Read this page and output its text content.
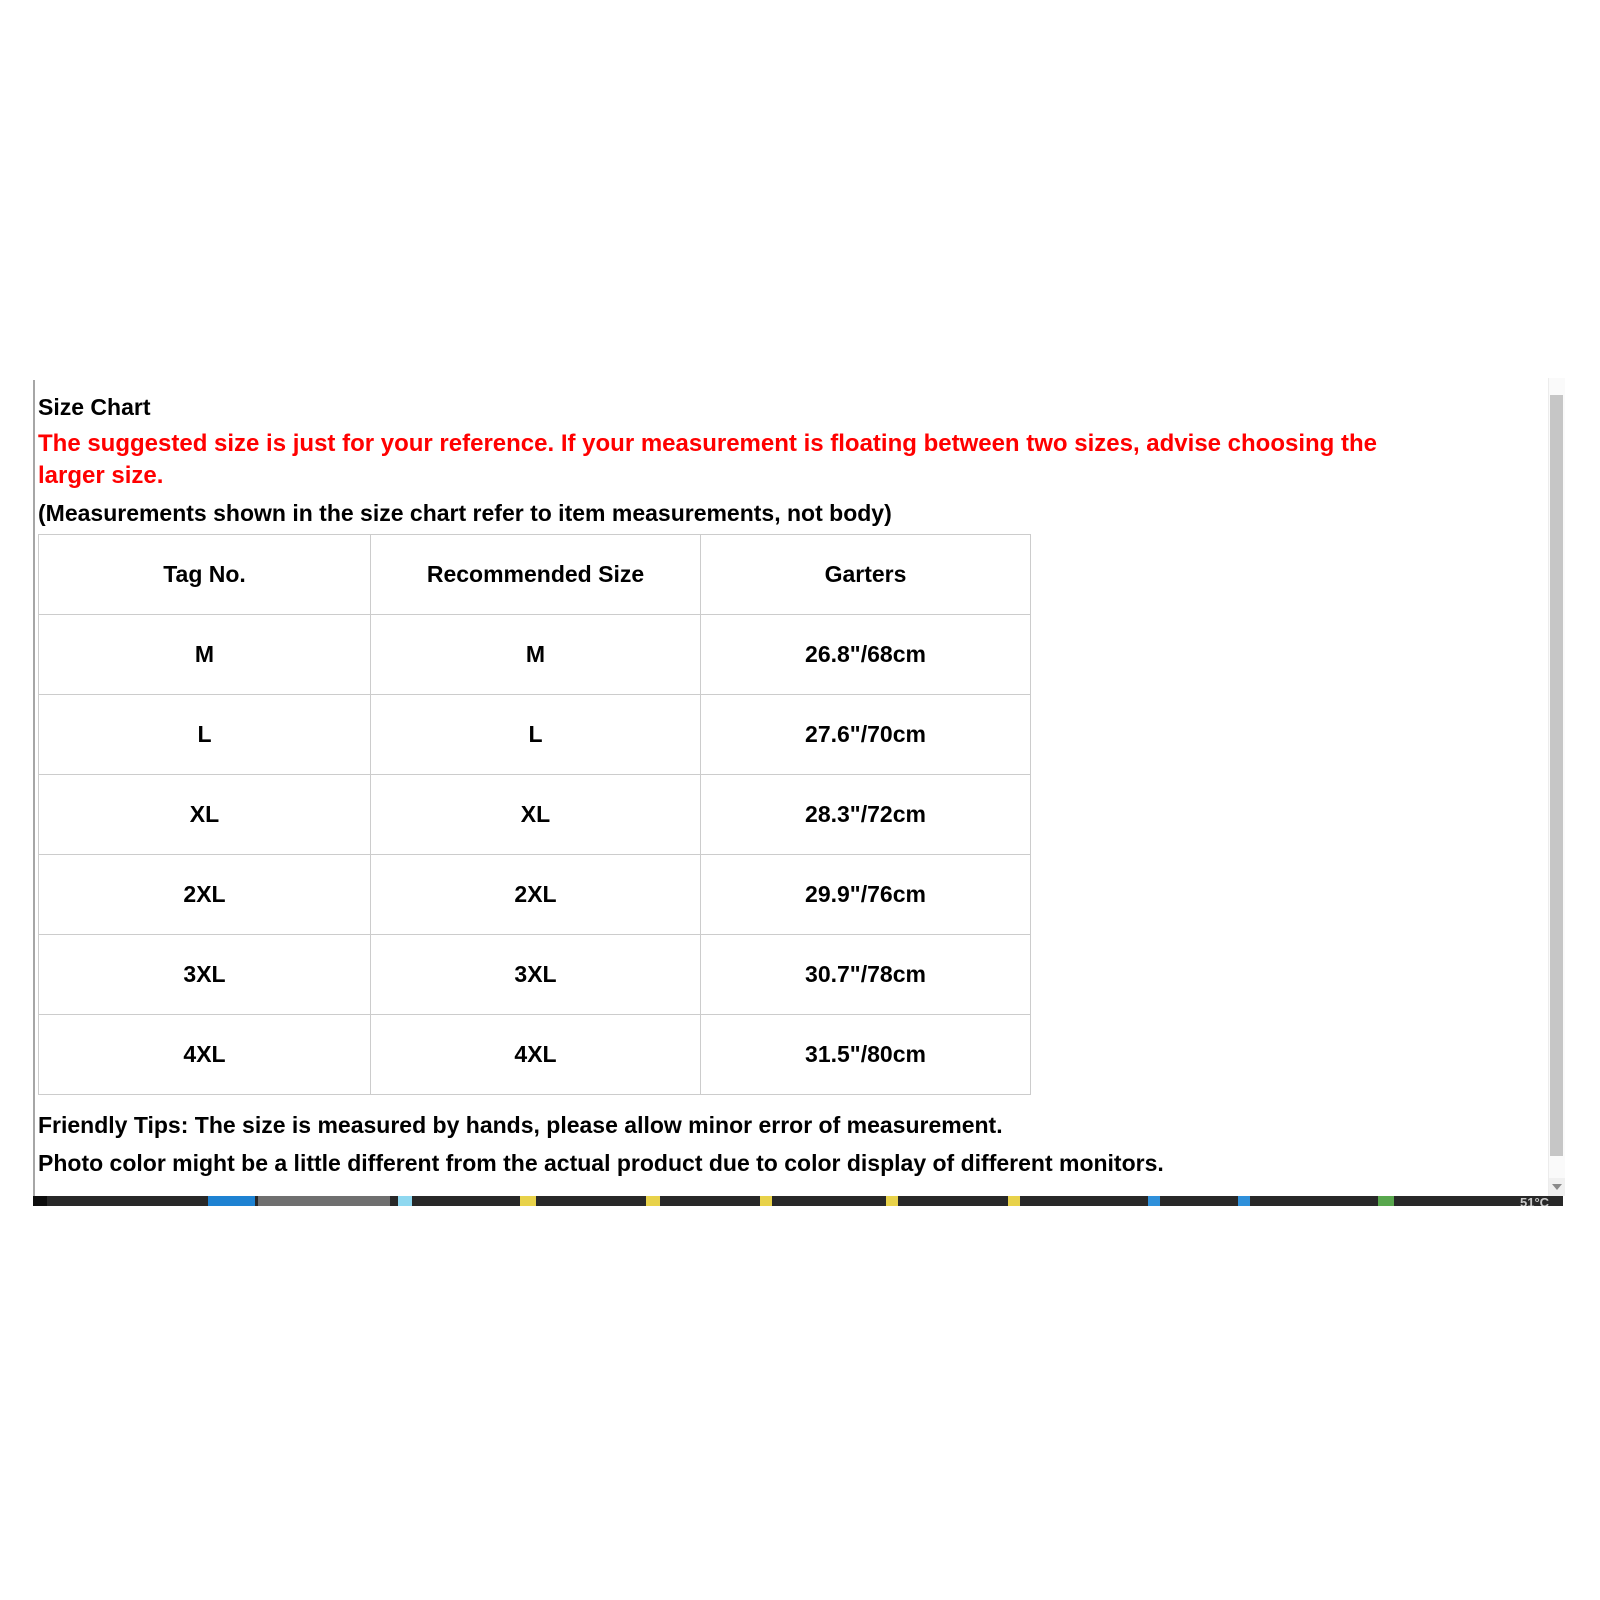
Size Chart
The suggested size is just for your reference. If your measurement is floating between two sizes, advise choosing the larger size.
(Measurements shown in the size chart refer to item measurements, not body)
Tag No.	Recommended Size	Garters
M	M	26.8"/68cm
L	L	27.6"/70cm
XL	XL	28.3"/72cm
2XL	2XL	29.9"/76cm
3XL	3XL	30.7"/78cm
4XL	4XL	31.5"/80cm
Friendly Tips: The size is measured by hands, please allow minor error of measurement.
Photo color might be a little different from the actual product due to color display of different monitors.
51°C
